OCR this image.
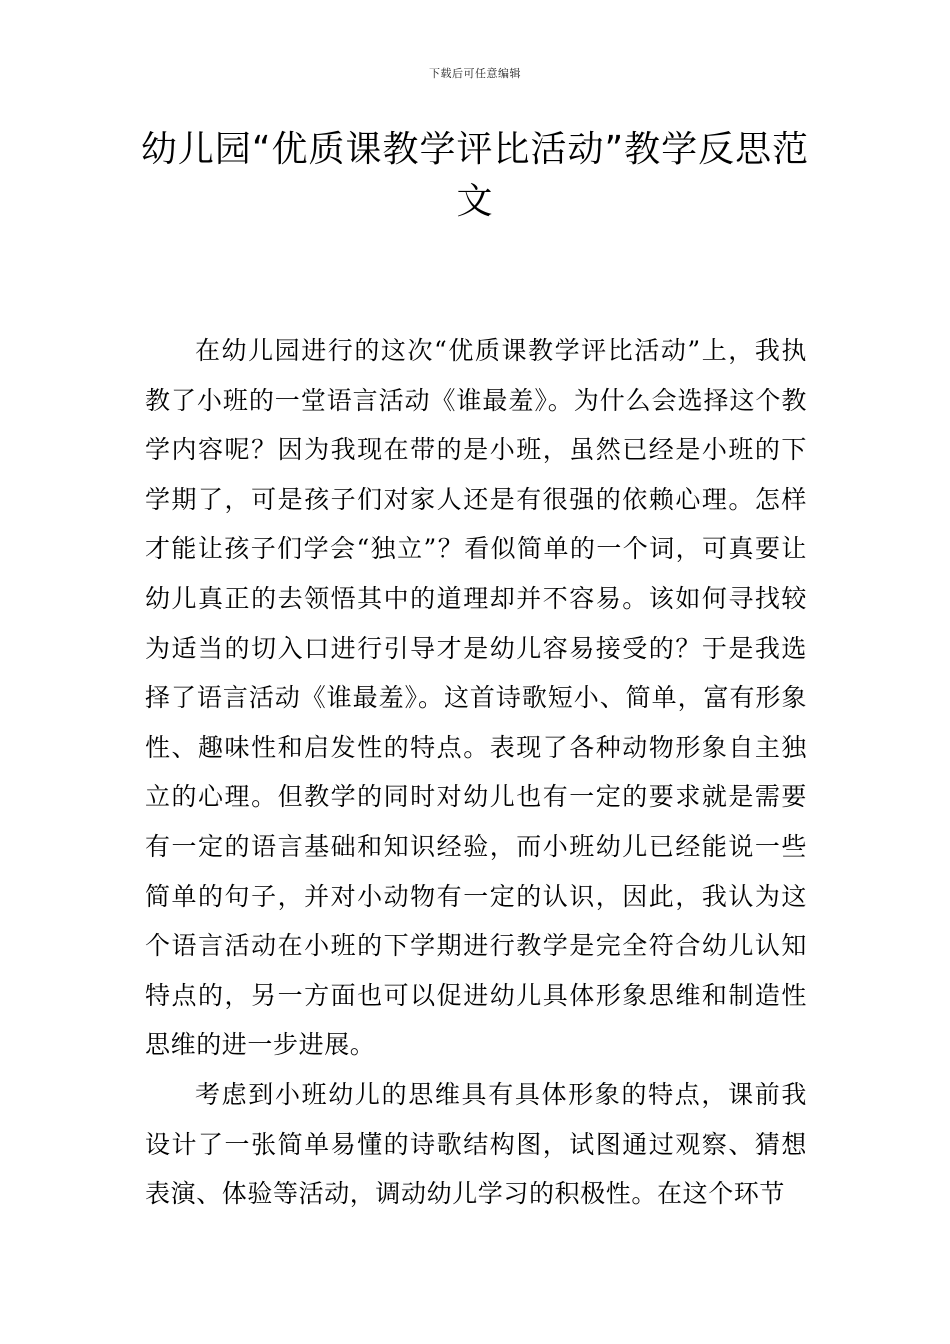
下载后可任意编辑
幼儿园“优质课教学评比活动”教学反思范文

在幼儿园进行的这次“优质课教学评比活动”上，我执教了小班的一堂语言活动《谁最羞》。为什么会选择这个教学内容呢？因为我现在带的是小班，虽然已经是小班的下学期了，可是孩子们对家人还是有很强的依赖心理。怎样才能让孩子们学会“独立”？看似简单的一个词，可真要让幼儿真正的去领悟其中的道理却并不容易。该如何寻找较为适当的切入口进行引导才是幼儿容易接受的？于是我选择了语言活动《谁最羞》。这首诗歌短小、简单，富有形象性、趣味性和启发性的特点。表现了各种动物形象自主独立的心理。但教学的同时对幼儿也有一定的要求就是需要有一定的语言基础和知识经验，而小班幼儿已经能说一些简单的句子，并对小动物有一定的认识，因此，我认为这个语言活动在小班的下学期进行教学是完全符合幼儿认知特点的，另一方面也可以促进幼儿具体形象思维和制造性思维的进一步进展。

考虑到小班幼儿的思维具有具体形象的特点，课前我设计了一张简单易懂的诗歌结构图，试图通过观察、猜想表演、体验等活动，调动幼儿学习的积极性。在这个环节
